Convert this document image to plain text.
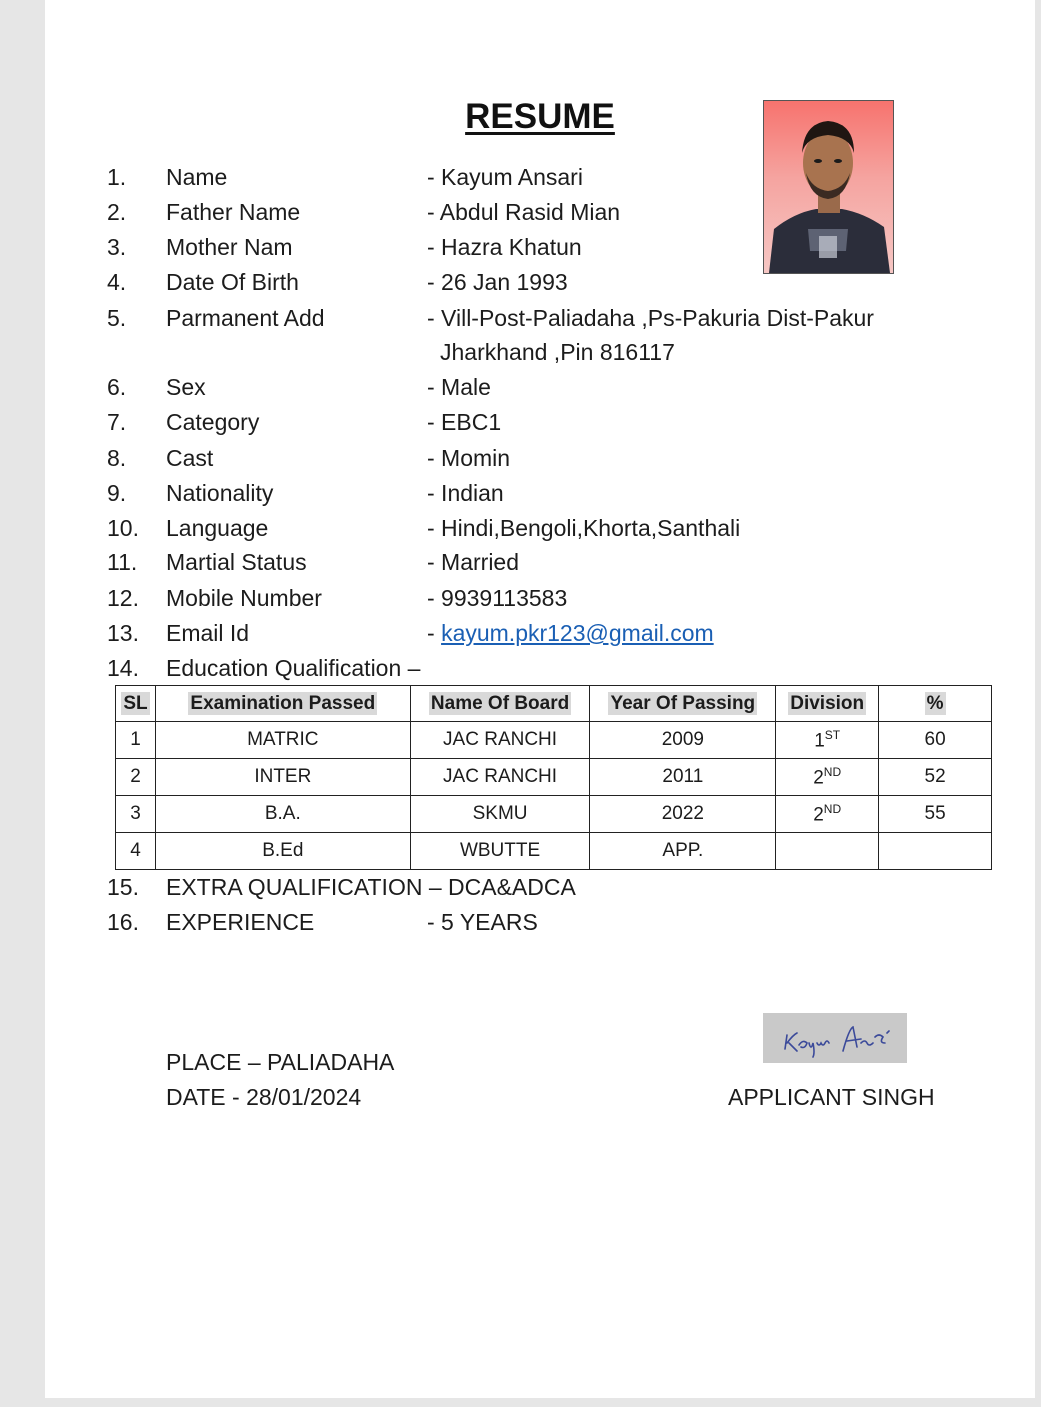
RESUME
1. Name	- Kayum Ansari
2. Father Name	- Abdul Rasid Mian
3. Mother Nam	- Hazra Khatun
4. Date Of Birth	- 26 Jan 1993
5. Parmanent Add	- Vill-Post-Paliadaha ,Ps-Pakuria Dist-Pakur
Jharkhand ,Pin 816117
6. Sex	- Male
7. Category	- EBC1
8. Cast	- Momin
9. Nationality	- Indian
10. Language	- Hindi,Bengoli,Khorta,Santhali
11. Martial Status	- Married
12. Mobile Number	- 9939113583
13. Email Id	- kayum.pkr123@gmail.com
14. Education Qualification –
SL	Examination Passed	Name Of Board	Year Of Passing	Division	%
1	MATRIC	JAC RANCHI	2009	1ST	60
2	INTER	JAC RANCHI	2011	2ND	52
3	B.A.	SKMU	2022	2ND	55
4	B.Ed	WBUTTE	APP.		
15. EXTRA QUALIFICATION – DCA&ADCA
16. EXPERIENCE	- 5 YEARS
PLACE – PALIADAHA
DATE - 28/01/2024	APPLICANT SINGH
